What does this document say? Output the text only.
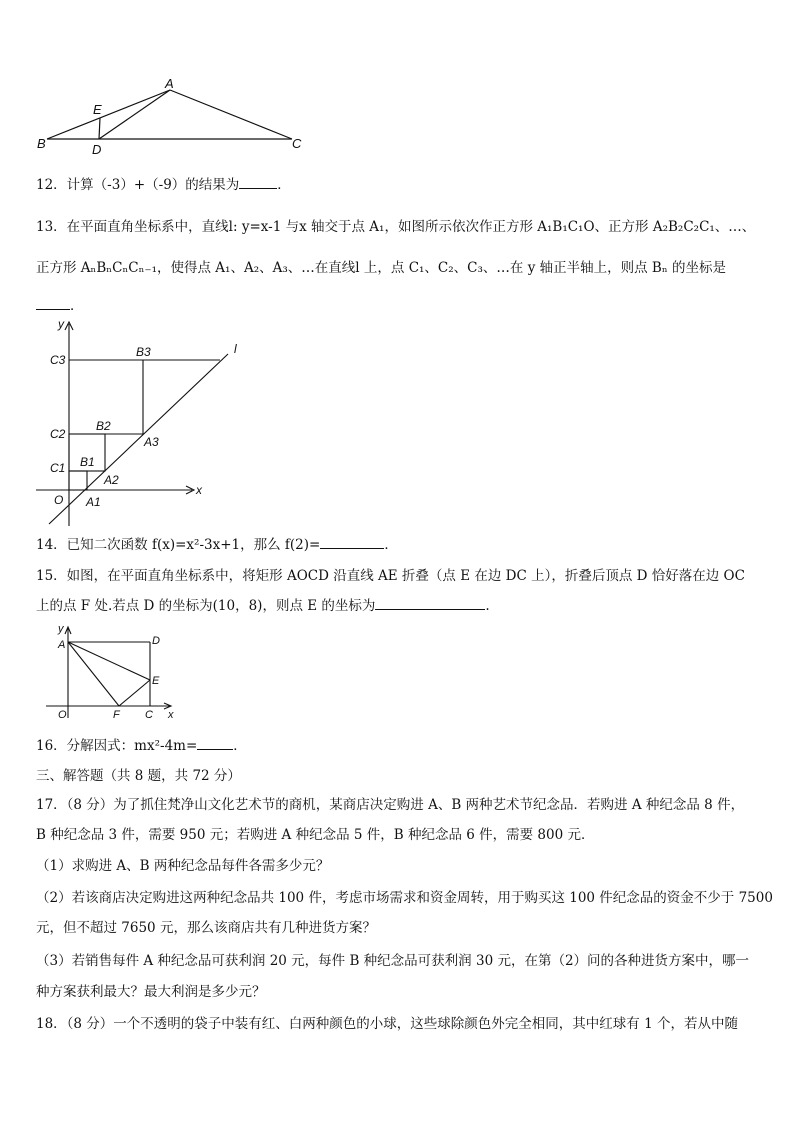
A
E
B	D	C
12．计算（-3）+（-9）的结果为	．
13．在平面直角坐标系中，直线l: y=x-1 与x 轴交于点 A₁，如图所示依次作正方形 A₁B₁C₁O、正方形 A₂B₂C₂C₁、…、
正方形 AₙBₙCₙCₙ₋₁，使得点 A₁、A₂、A₃、…在直线l 上，点 C₁、C₂、C₃、…在 y 轴正半轴上，则点 Bₙ 的坐标是
．
y
x
l
O
C3
C2
C1
B3
B2
B1
A3
A2
A1
14．已知二次函数 f(x)=x²-3x+1，那么 f(2)=	．
15．如图，在平面直角坐标系中，将矩形 AOCD 沿直线 AE 折叠（点 E 在边 DC 上），折叠后顶点 D 恰好落在边 OC
上的点 F 处.若点 D 的坐标为(10，8)，则点 E 的坐标为	.
y
x
A	D
E
O	F C
16．分解因式：mx²-4m=	．
三、解答题（共 8 题，共 72 分）
17．（8 分）为了抓住梵净山文化艺术节的商机，某商店决定购进 A、B 两种艺术节纪念品．若购进 A 种纪念品 8 件，
B 种纪念品 3 件，需要 950 元；若购进 A 种纪念品 5 件，B 种纪念品 6 件，需要 800 元．
（1）求购进 A、B 两种纪念品每件各需多少元？
（2）若该商店决定购进这两种纪念品共 100 件，考虑市场需求和资金周转，用于购买这 100 件纪念品的资金不少于 7500
元，但不超过 7650 元，那么该商店共有几种进货方案？
（3）若销售每件 A 种纪念品可获利润 20 元，每件 B 种纪念品可获利润 30 元，在第（2）问的各种进货方案中，哪一
种方案获利最大？最大利润是多少元？
18．（8 分）一个不透明的袋子中装有红、白两种颜色的小球，这些球除颜色外完全相同，其中红球有 1 个，若从中随
